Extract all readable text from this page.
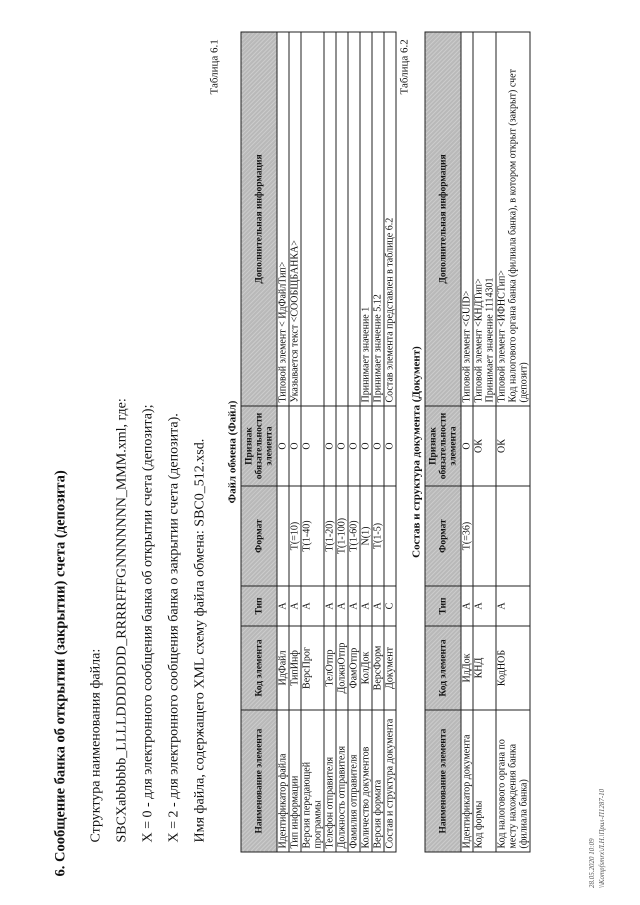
6. Сообщение банка об открытии (закрытии) счета (депозита) Структура наименования файла: SBCXabbbbbb_LLLLDDDDDDD_RRRRFFFGNNNNNNN_MMM.xml, где: X = 0 - для электронного сообщения банка об открытии счета (депозита); X = 2 - для электронного сообщения банка о закрытии счета (депозита). Имя файла, содержащего XML схему файла обмена: SBC0_512.xsd.
Таблица 6.1
Файл обмена (Файл)
Наименование элемента	Код элемента	Тип	Формат	Признак обязательности элемента	Дополнительная информация
Идентификатор файла	ИдФайл	А		О	Типовой элемент < ИдФайлТип>
Тип информации	ТипИнф	А	Т(=10)	О	Указывается текст <СООБЩБАНКА>
Версия передающей программы	ВерсПрог	А	Т(1-40)	О	
Телефон отправителя	ТелОтпр	А	Т(1-20)	О	
Должность отправителя	ДолжнОтпр	А	Т(1-100)	О	
Фамилия отправителя	ФамОтпр	А	Т(1-60)	О	
Количество документов	КолДок	А	N(1)	О	Принимает значение 1
Версия формата	ВерсФорм	А	Т(1-5)	О	Принимает значение 5.12
Состав и структура документа	Документ	С		О	Состав элемента представлен в таблице 6.2
Таблица 6.2
Состав и структура документа (Документ)
Наименование элемента	Код элемента	Тип	Формат	Признак обязательности элемента	Дополнительная информация
Идентификатор документа	ИдДок	А	Т(=36)	О	Типовой элемент <GUID>
Код формы	КНД	А		ОК	Типовой элемент <КНДТип>
Принимает значение 1114301
Код налогового органа по месту нахождения банка (филиала банка)	КодНОБ	А		ОК	Типовой элемент <ИФНСТип>
Код налогового органа банка (филиала банка), в котором открыт (закрыт) счет (депозит)
28.05.2020 10:09 \\Kompfsmrx\Л.Н.\Прил-П1287-10
